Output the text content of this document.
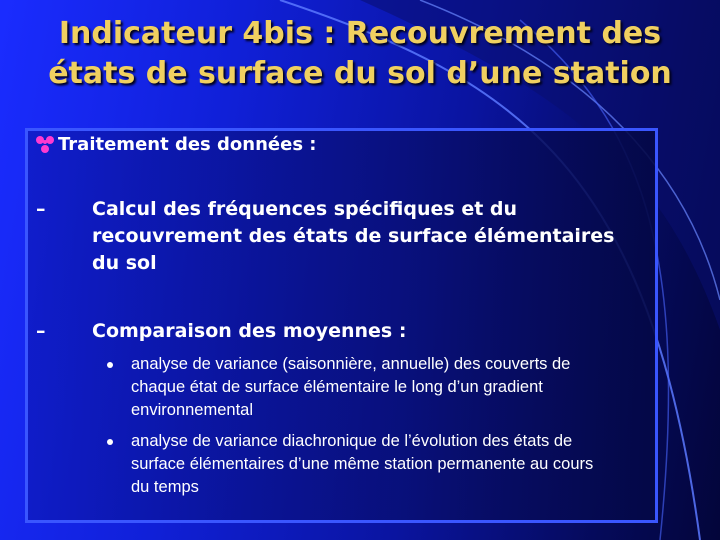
Indicateur 4bis : Recouvrement des
états de surface du sol d’une station
Traitement des données :
– Calcul des fréquences spécifiques et du
recouvrement des états de surface élémentaires
du sol
– Comparaison des moyennes :
analyse de variance (saisonnière, annuelle) des couverts de
chaque état de surface élémentaire le long d’un gradient
environnemental
analyse de variance diachronique de l’évolution des états de
surface élémentaires d’une même station permanente au cours
du temps
